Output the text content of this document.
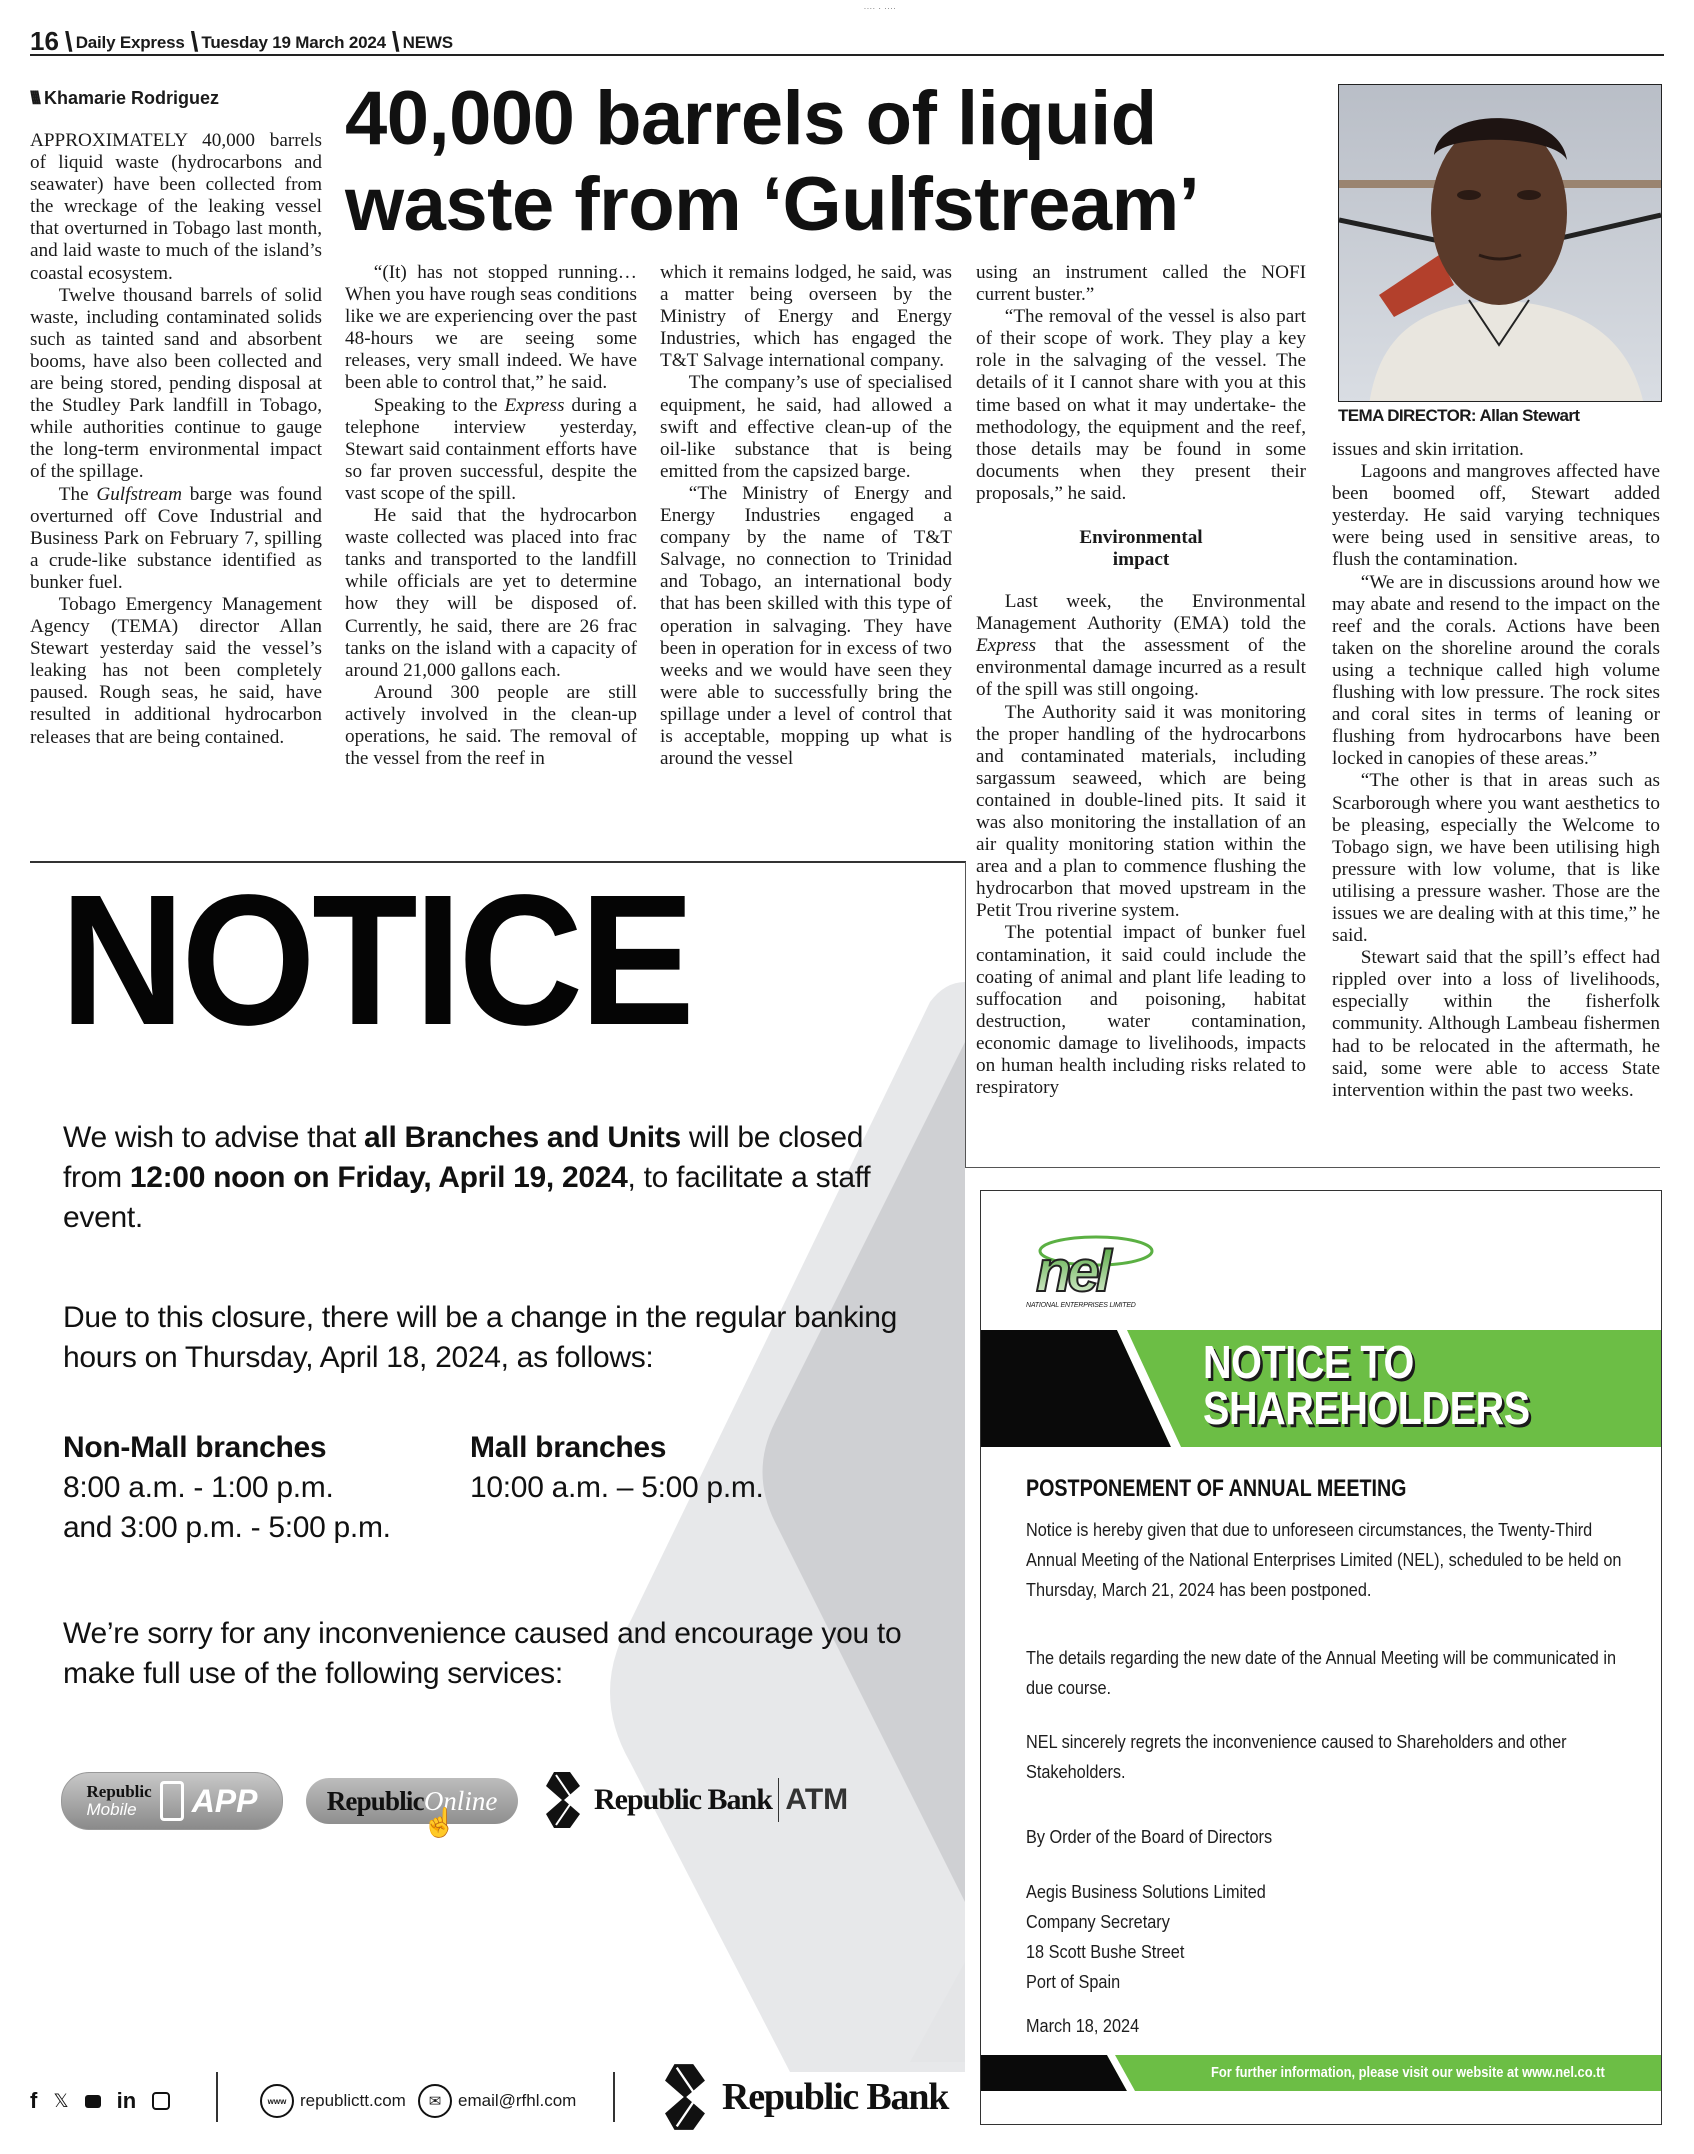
.... . ....
16 \ Daily Express \ Tuesday 19 March 2024 \ NEWS
\\\\ Khamarie Rodriguez 40,000 barrels of liquid waste from ‘Gulfstream’

APPROXIMATELY 40,000 barrels of liquid waste (hydrocarbons and seawater) have been collected from the wreckage of the leaking vessel that overturned in Tobago last month, and laid waste to much of the island’s coastal ecosystem.

Twelve thousand barrels of solid waste, including contaminated solids such as tainted sand and absorbent booms, have also been collected and are being stored, pending disposal at the Studley Park landfill in Tobago, while authorities continue to gauge the long-term environmental impact of the spillage.

The Gulfstream barge was found overturned off Cove Industrial and Business Park on February 7, spilling a crude-like substance identified as bunker fuel.

Tobago Emergency Management Agency (TEMA) director Allan Stewart yesterday said the vessel’s leaking has not been completely paused. Rough seas, he said, have resulted in additional hydrocarbon releases that are being contained.

“(It) has not stopped running… When you have rough seas conditions like we are experiencing over the past 48-hours we are seeing some releases, very small indeed. We have been able to control that,” he said.

Speaking to the Express during a telephone interview yesterday, Stewart said containment efforts have so far proven successful, despite the vast scope of the spill.

He said that the hydrocarbon waste collected was placed into frac tanks and transported to the landfill while officials are yet to determine how they will be disposed of. Currently, he said, there are 26 frac tanks on the island with a capacity of around 21,000 gallons each.

Around 300 people are still actively involved in the clean-up operations, he said. The removal of the vessel from the reef in

which it remains lodged, he said, was a matter being overseen by the Ministry of Energy and Energy Industries, which has engaged the T&T Salvage international company.

The company’s use of specialised equipment, he said, had allowed a swift and effective clean-up of the oil-like substance that is being emitted from the capsized barge.

“The Ministry of Energy and Energy Industries engaged a company by the name of T&T Salvage, no connection to Trinidad and Tobago, an international body that has been skilled with this type of operation in salvaging. They have been in operation for in excess of two weeks and we would have seen they were able to successfully bring the spillage under a level of control that is acceptable, mopping up what is around the vessel

using an instrument called the NOFI current buster.”

“The removal of the vessel is also part of their scope of work. They play a key role in the salvaging of the vessel. The details of it I cannot share with you at this time based on what it may undertake- the methodology, the equipment and the reef, those details may be found in some documents when they present their proposals,” he said.

Environmental impact

Last week, the Environmental Management Authority (EMA) told the Express that the assessment of the environmental damage incurred as a result of the spill was still ongoing.

The Authority said it was monitoring the proper handling of the hydrocarbons and contaminated materials, including sargassum seaweed, which are being contained in double-lined pits. It said it was also monitoring the installation of an air quality monitoring station within the area and a plan to commence flushing the hydrocarbon that moved upstream in the Petit Trou riverine system.

The potential impact of bunker fuel contamination, it said could include the coating of animal and plant life leading to suffocation and poisoning, habitat destruction, water contamination, economic damage to livelihoods, impacts on human health including risks related to respiratory

TEMA DIRECTOR: Allan Stewart

issues and skin irritation.

Lagoons and mangroves affected have been boomed off, Stewart added yesterday. He said varying techniques were being used in sensitive areas, to flush the contamination.

“We are in discussions around how we may abate and resend to the impact on the reef and the corals. Actions have been taken on the shoreline around the corals using a technique called high volume flushing with low pressure. The rock sites and coral sites in terms of leaning or flushing from hydrocarbons have been locked in canopies of these areas.”

“The other is that in areas such as Scarborough where you want aesthetics to be pleasing, especially the Welcome to Tobago sign, we have been utilising high pressure with low volume, that is like utilising a pressure washer. Those are the issues we are dealing with at this time,” he said.

Stewart said that the spill’s effect had rippled over into a loss of livelihoods, especially within the fisherfolk community. Although Lambeau fishermen had to be relocated in the aftermath, he said, some were able to access State intervention within the past two weeks.

NOTICE
We wish to advise that all Branches and Units will be closed from 12:00 noon on Friday, April 19, 2024, to facilitate a staff event.
Due to this closure, there will be a change in the regular banking hours on Thursday, April 18, 2024, as follows:
Non-Mall branches
8:00 a.m. - 1:00 p.m.
and 3:00 p.m. - 5:00 p.m.
Mall branches
10:00 a.m. – 5:00 p.m.
We’re sorry for any inconvenience caused and encourage you to make full use of the following services:
Republic
Mobile	APP	Republic Online
☝
Republic Bank ATM
f 𝕏 in	www republictt.com	✉ email@rfhl.com	Republic Bank
nel
NATIONAL ENTERPRISES LIMITED
NOTICE TO
SHAREHOLDERS
POSTPONEMENT OF ANNUAL MEETING
Notice is hereby given that due to unforeseen circumstances, the Twenty-Third Annual Meeting of the National Enterprises Limited (NEL), scheduled to be held on Thursday, March 21, 2024 has been postponed.
The details regarding the new date of the Annual Meeting will be communicated in due course.
NEL sincerely regrets the inconvenience caused to Shareholders and other Stakeholders.
By Order of the Board of Directors
Aegis Business Solutions Limited
Company Secretary
18 Scott Bushe Street
Port of Spain
March 18, 2024
For further information, please visit our website at www.nel.co.tt
